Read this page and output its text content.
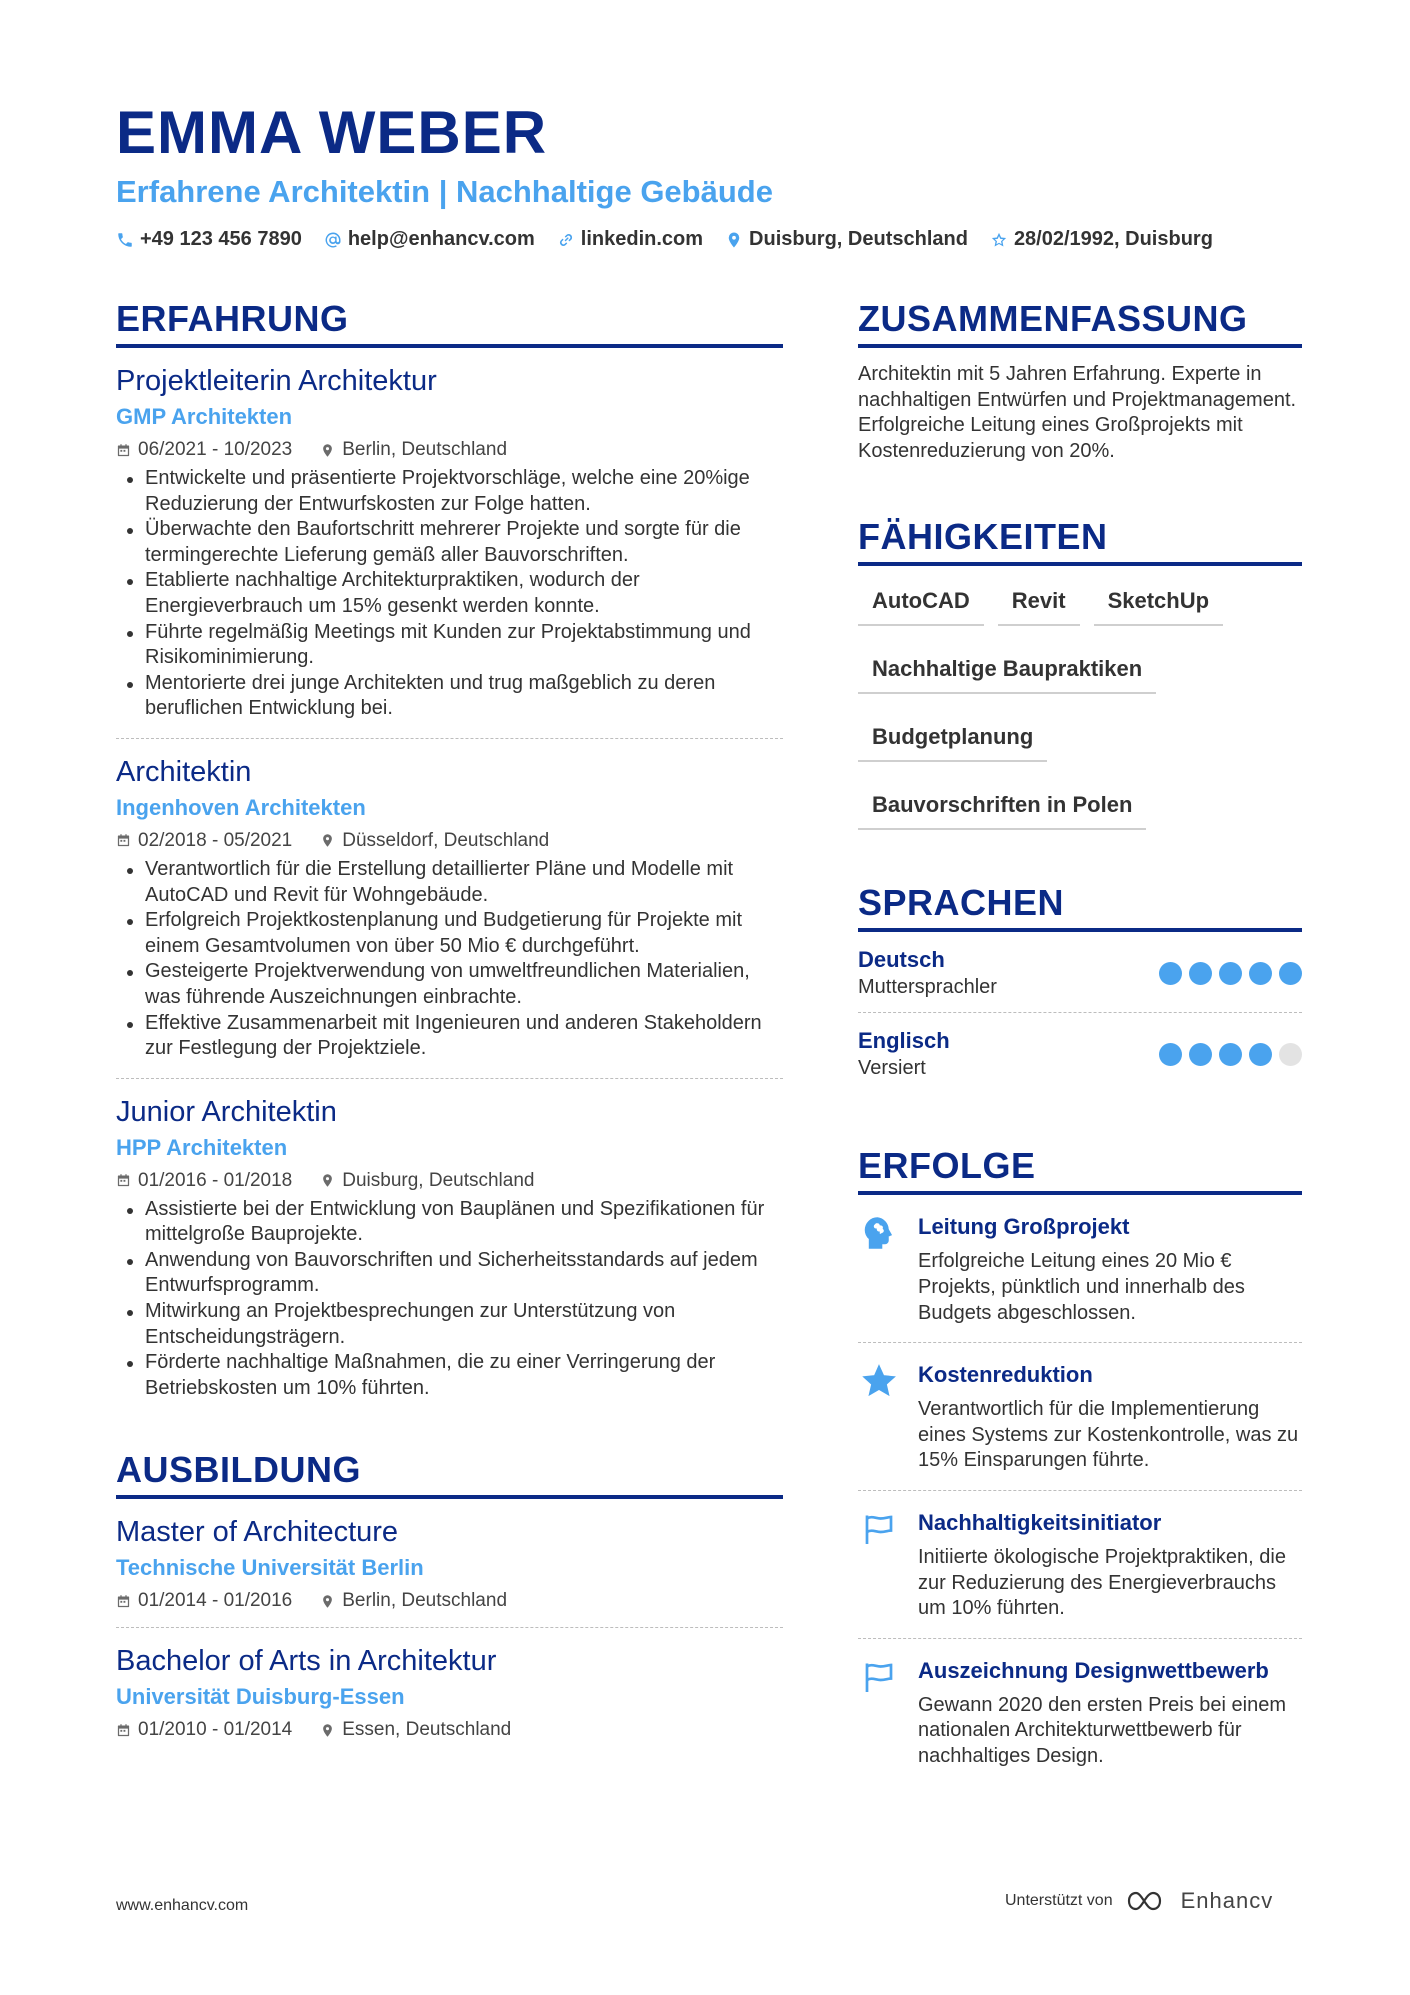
EMMA WEBER
Erfahrene Architektin | Nachhaltige Gebäude
+49 123 456 7890 help@enhancv.com linkedin.com Duisburg, Deutschland 28/02/1992, Duisburg
ERFAHRUNG
Projektleiterin Architektur
GMP Architekten
06/2021 - 10/2023	Berlin, Deutschland
Entwickelte und präsentierte Projektvorschläge, welche eine 20%ige Reduzierung der Entwurfskosten zur Folge hatten.
Überwachte den Baufortschritt mehrerer Projekte und sorgte für die termingerechte Lieferung gemäß aller Bauvorschriften.
Etablierte nachhaltige Architekturpraktiken, wodurch der Energieverbrauch um 15% gesenkt werden konnte.
Führte regelmäßig Meetings mit Kunden zur Projektabstimmung und Risikominimierung.
Mentorierte drei junge Architekten und trug maßgeblich zu deren beruflichen Entwicklung bei.
Architektin
Ingenhoven Architekten
02/2018 - 05/2021	Düsseldorf, Deutschland
Verantwortlich für die Erstellung detaillierter Pläne und Modelle mit AutoCAD und Revit für Wohngebäude.
Erfolgreich Projektkostenplanung und Budgetierung für Projekte mit einem Gesamtvolumen von über 50 Mio € durchgeführt.
Gesteigerte Projektverwendung von umweltfreundlichen Materialien, was führende Auszeichnungen einbrachte.
Effektive Zusammenarbeit mit Ingenieuren und anderen Stakeholdern zur Festlegung der Projektziele.
Junior Architektin
HPP Architekten
01/2016 - 01/2018	Duisburg, Deutschland
Assistierte bei der Entwicklung von Bauplänen und Spezifikationen für mittelgroße Bauprojekte.
Anwendung von Bauvorschriften und Sicherheitsstandards auf jedem Entwurfsprogramm.
Mitwirkung an Projektbesprechungen zur Unterstützung von Entscheidungsträgern.
Förderte nachhaltige Maßnahmen, die zu einer Verringerung der Betriebskosten um 10% führten.
AUSBILDUNG
Master of Architecture
Technische Universität Berlin
01/2014 - 01/2016	Berlin, Deutschland
Bachelor of Arts in Architektur
Universität Duisburg-Essen
01/2010 - 01/2014	Essen, Deutschland
ZUSAMMENFASSUNG
Architektin mit 5 Jahren Erfahrung. Experte in nachhaltigen Entwürfen und Projektmanagement. Erfolgreiche Leitung eines Großprojekts mit Kostenreduzierung von 20%.
FÄHIGKEITEN
AutoCAD	Revit	SketchUp
Nachhaltige Baupraktiken
Budgetplanung
Bauvorschriften in Polen
SPRACHEN
Deutsch
Muttersprachler
Englisch
Versiert
ERFOLGE
Leitung Großprojekt
Erfolgreiche Leitung eines 20 Mio € Projekts, pünktlich und innerhalb des Budgets abgeschlossen.
Kostenreduktion
Verantwortlich für die Implementierung eines Systems zur Kostenkontrolle, was zu 15% Einsparungen führte.
Nachhaltigkeitsinitiator
Initiierte ökologische Projektpraktiken, die zur Reduzierung des Energieverbrauchs um 10% führten.
Auszeichnung Designwettbewerb
Gewann 2020 den ersten Preis bei einem nationalen Architekturwettbewerb für nachhaltiges Design.
www.enhancv.com	Unterstützt von	Enhancv
